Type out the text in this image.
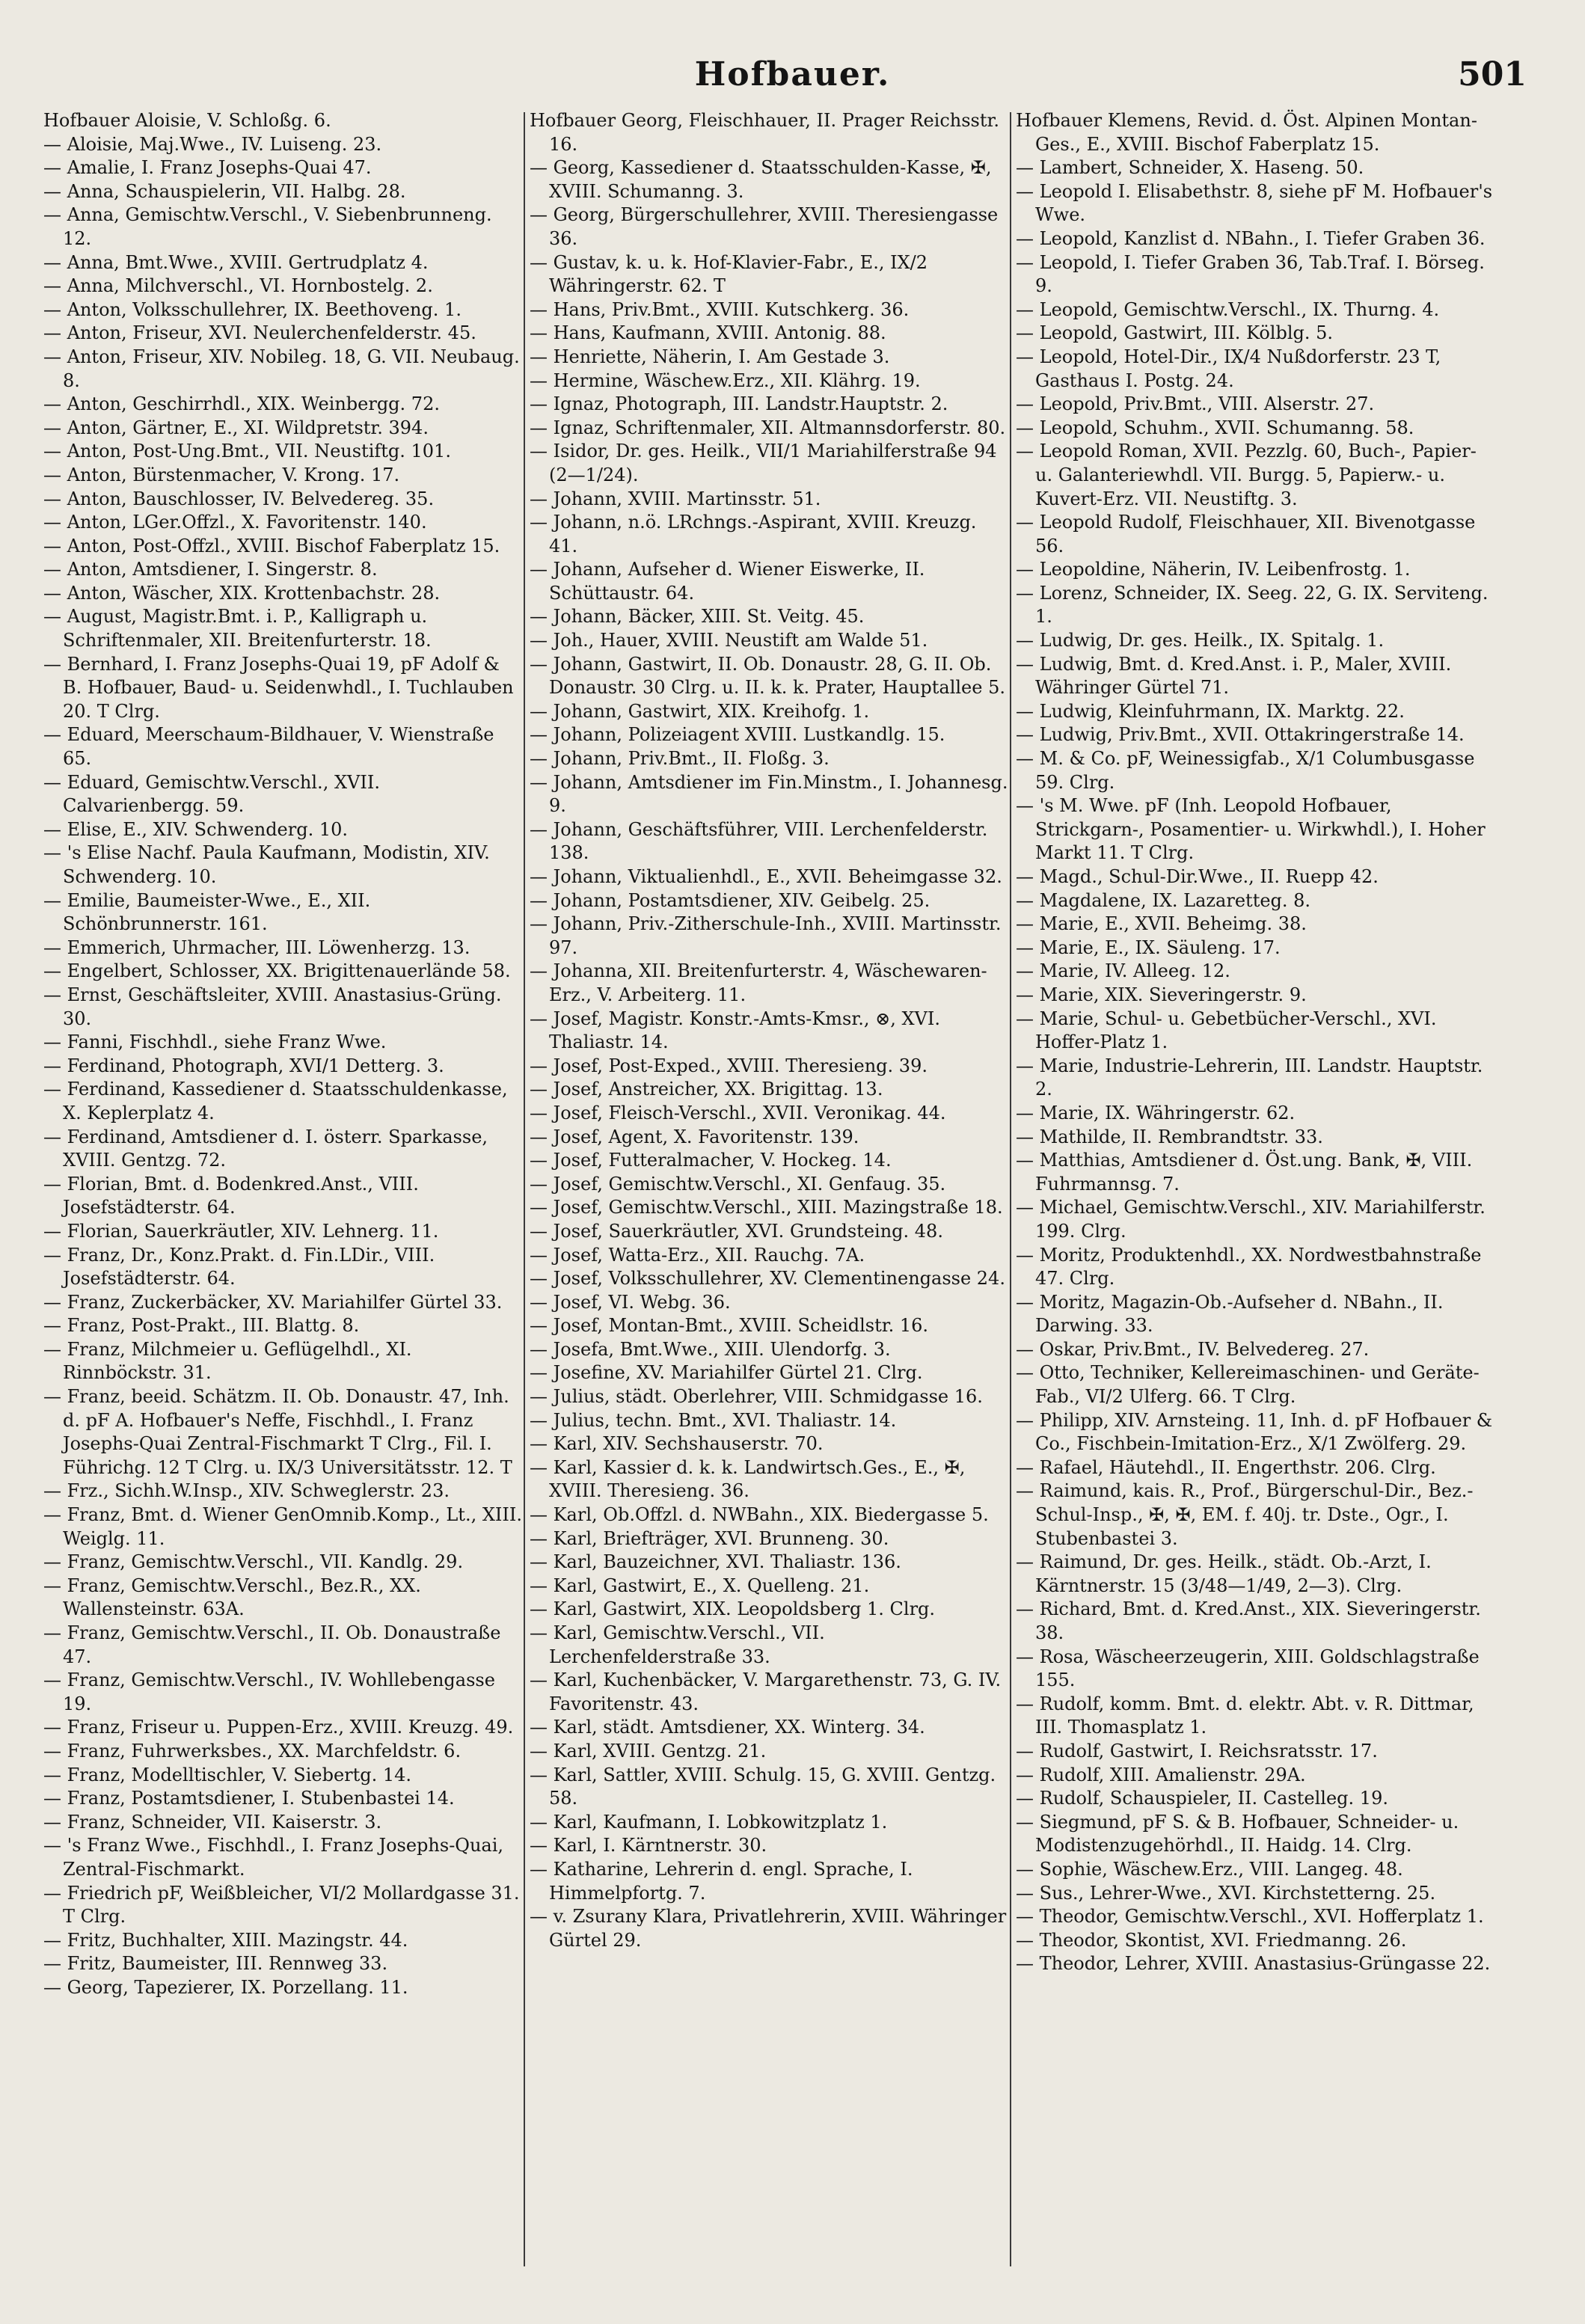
Hofbauer.	501
Hofbauer Aloisie, V. Schloßg. 6.
— Aloisie, Maj.Wwe., IV. Luiseng. 23.
— Amalie, I. Franz Josephs-Quai 47.
— Anna, Schauspielerin, VII. Halbg. 28.
— Anna, Gemischtw.Verschl., V. Siebenbrunneng. 12.
— Anna, Bmt.Wwe., XVIII. Gertrudplatz 4.
— Anna, Milchverschl., VI. Hornbostelg. 2.
— Anton, Volksschullehrer, IX. Beethoveng. 1.
— Anton, Friseur, XVI. Neulerchenfelderstr. 45.
— Anton, Friseur, XIV. Nobileg. 18, G. VII. Neubaug. 8.
— Anton, Geschirrhdl., XIX. Weinbergg. 72.
— Anton, Gärtner, E., XI. Wildpretstr. 394.
— Anton, Post-Ung.Bmt., VII. Neustiftg. 101.
— Anton, Bürstenmacher, V. Krong. 17.
— Anton, Bauschlosser, IV. Belvedereg. 35.
— Anton, LGer.Offzl., X. Favoritenstr. 140.
— Anton, Post-Offzl., XVIII. Bischof Faberplatz 15.
— Anton, Amtsdiener, I. Singerstr. 8.
— Anton, Wäscher, XIX. Krottenbachstr. 28.
— August, Magistr.Bmt. i. P., Kalligraph u. Schriftenmaler, XII. Breitenfurterstr. 18.
— Bernhard, I. Franz Josephs-Quai 19, pF Adolf & B. Hofbauer, Baud- u. Seidenwhdl., I. Tuchlauben 20. T Clrg.
— Eduard, Meerschaum-Bildhauer, V. Wienstraße 65.
— Eduard, Gemischtw.Verschl., XVII. Calvarienbergg. 59.
— Elise, E., XIV. Schwenderg. 10.
— 's Elise Nachf. Paula Kaufmann, Modistin, XIV. Schwenderg. 10.
— Emilie, Baumeister-Wwe., E., XII. Schönbrunnerstr. 161.
— Emmerich, Uhrmacher, III. Löwenherzg. 13.
— Engelbert, Schlosser, XX. Brigittenauerlände 58.
— Ernst, Geschäftsleiter, XVIII. Anastasius-Grüng. 30.
— Fanni, Fischhdl., siehe Franz Wwe.
— Ferdinand, Photograph, XVI/1 Detterg. 3.
— Ferdinand, Kassediener d. Staatsschuldenkasse, X. Keplerplatz 4.
— Ferdinand, Amtsdiener d. I. österr. Sparkasse, XVIII. Gentzg. 72.
— Florian, Bmt. d. Bodenkred.Anst., VIII. Josefstädterstr. 64.
— Florian, Sauerkräutler, XIV. Lehnerg. 11.
— Franz, Dr., Konz.Prakt. d. Fin.LDir., VIII. Josefstädterstr. 64.
— Franz, Zuckerbäcker, XV. Mariahilfer Gürtel 33.
— Franz, Post-Prakt., III. Blattg. 8.
— Franz, Milchmeier u. Geflügelhdl., XI. Rinnböckstr. 31.
— Franz, beeid. Schätzm. II. Ob. Donaustr. 47, Inh. d. pF A. Hofbauer's Neffe, Fischhdl., I. Franz Josephs-Quai Zentral-Fischmarkt T Clrg., Fil. I. Führichg. 12 T Clrg. u. IX/3 Universitätsstr. 12. T
— Frz., Sichh.W.Insp., XIV. Schweglerstr. 23.
— Franz, Bmt. d. Wiener GenOmnib.Komp., Lt., XIII. Weiglg. 11.
— Franz, Gemischtw.Verschl., VII. Kandlg. 29.
— Franz, Gemischtw.Verschl., Bez.R., XX. Wallensteinstr. 63A.
— Franz, Gemischtw.Verschl., II. Ob. Donaustraße 47.
— Franz, Gemischtw.Verschl., IV. Wohllebengasse 19.
— Franz, Friseur u. Puppen-Erz., XVIII. Kreuzg. 49.
— Franz, Fuhrwerksbes., XX. Marchfeldstr. 6.
— Franz, Modelltischler, V. Siebertg. 14.
— Franz, Postamtsdiener, I. Stubenbastei 14.
— Franz, Schneider, VII. Kaiserstr. 3.
— 's Franz Wwe., Fischhdl., I. Franz Josephs-Quai, Zentral-Fischmarkt.
— Friedrich pF, Weißbleicher, VI/2 Mollardgasse 31. T Clrg.
— Fritz, Buchhalter, XIII. Mazingstr. 44.
— Fritz, Baumeister, III. Rennweg 33.
— Georg, Tapezierer, IX. Porzellang. 11.
Hofbauer Georg, Fleischhauer, II. Prager Reichsstr. 16.
— Georg, Kassediener d. Staatsschulden-Kasse, ✠, XVIII. Schumanng. 3.
— Georg, Bürgerschullehrer, XVIII. Theresiengasse 36.
— Gustav, k. u. k. Hof-Klavier-Fabr., E., IX/2 Währingerstr. 62. T
— Hans, Priv.Bmt., XVIII. Kutschkerg. 36.
— Hans, Kaufmann, XVIII. Antonig. 88.
— Henriette, Näherin, I. Am Gestade 3.
— Hermine, Wäschew.Erz., XII. Klährg. 19.
— Ignaz, Photograph, III. Landstr.Hauptstr. 2.
— Ignaz, Schriftenmaler, XII. Altmannsdorferstr. 80.
— Isidor, Dr. ges. Heilk., VII/1 Mariahilferstraße 94 (2—1/24).
— Johann, XVIII. Martinsstr. 51.
— Johann, n.ö. LRchngs.-Aspirant, XVIII. Kreuzg. 41.
— Johann, Aufseher d. Wiener Eiswerke, II. Schüttaustr. 64.
— Johann, Bäcker, XIII. St. Veitg. 45.
— Joh., Hauer, XVIII. Neustift am Walde 51.
— Johann, Gastwirt, II. Ob. Donaustr. 28, G. II. Ob. Donaustr. 30 Clrg. u. II. k. k. Prater, Hauptallee 5.
— Johann, Gastwirt, XIX. Kreihofg. 1.
— Johann, Polizeiagent XVIII. Lustkandlg. 15.
— Johann, Priv.Bmt., II. Floßg. 3.
— Johann, Amtsdiener im Fin.Minstm., I. Johannesg. 9.
— Johann, Geschäftsführer, VIII. Lerchenfelderstr. 138.
— Johann, Viktualienhdl., E., XVII. Beheimgasse 32.
— Johann, Postamtsdiener, XIV. Geibelg. 25.
— Johann, Priv.-Zitherschule-Inh., XVIII. Martinsstr. 97.
— Johanna, XII. Breitenfurterstr. 4, Wäschewaren-Erz., V. Arbeiterg. 11.
— Josef, Magistr. Konstr.-Amts-Kmsr., ⊗, XVI. Thaliastr. 14.
— Josef, Post-Exped., XVIII. Theresieng. 39.
— Josef, Anstreicher, XX. Brigittag. 13.
— Josef, Fleisch-Verschl., XVII. Veronikag. 44.
— Josef, Agent, X. Favoritenstr. 139.
— Josef, Futteralmacher, V. Hockeg. 14.
— Josef, Gemischtw.Verschl., XI. Genfaug. 35.
— Josef, Gemischtw.Verschl., XIII. Mazingstraße 18.
— Josef, Sauerkräutler, XVI. Grundsteing. 48.
— Josef, Watta-Erz., XII. Rauchg. 7A.
— Josef, Volksschullehrer, XV. Clementinengasse 24.
— Josef, VI. Webg. 36.
— Josef, Montan-Bmt., XVIII. Scheidlstr. 16.
— Josefa, Bmt.Wwe., XIII. Ulendorfg. 3.
— Josefine, XV. Mariahilfer Gürtel 21. Clrg.
— Julius, städt. Oberlehrer, VIII. Schmidgasse 16.
— Julius, techn. Bmt., XVI. Thaliastr. 14.
— Karl, XIV. Sechshauserstr. 70.
— Karl, Kassier d. k. k. Landwirtsch.Ges., E., ✠, XVIII. Theresieng. 36.
— Karl, Ob.Offzl. d. NWBahn., XIX. Biedergasse 5.
— Karl, Briefträger, XVI. Brunneng. 30.
— Karl, Bauzeichner, XVI. Thaliastr. 136.
— Karl, Gastwirt, E., X. Quelleng. 21.
— Karl, Gastwirt, XIX. Leopoldsberg 1. Clrg.
— Karl, Gemischtw.Verschl., VII. Lerchenfelderstraße 33.
— Karl, Kuchenbäcker, V. Margarethenstr. 73, G. IV. Favoritenstr. 43.
— Karl, städt. Amtsdiener, XX. Winterg. 34.
— Karl, XVIII. Gentzg. 21.
— Karl, Sattler, XVIII. Schulg. 15, G. XVIII. Gentzg. 58.
— Karl, Kaufmann, I. Lobkowitzplatz 1.
— Karl, I. Kärntnerstr. 30.
— Katharine, Lehrerin d. engl. Sprache, I. Himmelpfortg. 7.
— v. Zsurany Klara, Privatlehrerin, XVIII. Währinger Gürtel 29.
Hofbauer Klemens, Revid. d. Öst. Alpinen Montan-Ges., E., XVIII. Bischof Faberplatz 15.
— Lambert, Schneider, X. Haseng. 50.
— Leopold I. Elisabethstr. 8, siehe pF M. Hofbauer's Wwe.
— Leopold, Kanzlist d. NBahn., I. Tiefer Graben 36.
— Leopold, I. Tiefer Graben 36, Tab.Traf. I. Börseg. 9.
— Leopold, Gemischtw.Verschl., IX. Thurng. 4.
— Leopold, Gastwirt, III. Kölblg. 5.
— Leopold, Hotel-Dir., IX/4 Nußdorferstr. 23 T, Gasthaus I. Postg. 24.
— Leopold, Priv.Bmt., VIII. Alserstr. 27.
— Leopold, Schuhm., XVII. Schumanng. 58.
— Leopold Roman, XVII. Pezzlg. 60, Buch-, Papier- u. Galanteriewhdl. VII. Burgg. 5, Papierw.- u. Kuvert-Erz. VII. Neustiftg. 3.
— Leopold Rudolf, Fleischhauer, XII. Bivenotgasse 56.
— Leopoldine, Näherin, IV. Leibenfrostg. 1.
— Lorenz, Schneider, IX. Seeg. 22, G. IX. Serviteng. 1.
— Ludwig, Dr. ges. Heilk., IX. Spitalg. 1.
— Ludwig, Bmt. d. Kred.Anst. i. P., Maler, XVIII. Währinger Gürtel 71.
— Ludwig, Kleinfuhrmann, IX. Marktg. 22.
— Ludwig, Priv.Bmt., XVII. Ottakringerstraße 14.
— M. & Co. pF, Weinessigfab., X/1 Columbusgasse 59. Clrg.
— 's M. Wwe. pF (Inh. Leopold Hofbauer, Strickgarn-, Posamentier- u. Wirkwhdl.), I. Hoher Markt 11. T Clrg.
— Magd., Schul-Dir.Wwe., II. Ruepp 42.
— Magdalene, IX. Lazaretteg. 8.
— Marie, E., XVII. Beheimg. 38.
— Marie, E., IX. Säuleng. 17.
— Marie, IV. Alleeg. 12.
— Marie, XIX. Sieveringerstr. 9.
— Marie, Schul- u. Gebetbücher-Verschl., XVI. Hoffer-Platz 1.
— Marie, Industrie-Lehrerin, III. Landstr. Hauptstr. 2.
— Marie, IX. Währingerstr. 62.
— Mathilde, II. Rembrandtstr. 33.
— Matthias, Amtsdiener d. Öst.ung. Bank, ✠, VIII. Fuhrmannsg. 7.
— Michael, Gemischtw.Verschl., XIV. Mariahilferstr. 199. Clrg.
— Moritz, Produktenhdl., XX. Nordwestbahnstraße 47. Clrg.
— Moritz, Magazin-Ob.-Aufseher d. NBahn., II. Darwing. 33.
— Oskar, Priv.Bmt., IV. Belvedereg. 27.
— Otto, Techniker, Kellereimaschinen- und Geräte-Fab., VI/2 Ulferg. 66. T Clrg.
— Philipp, XIV. Arnsteing. 11, Inh. d. pF Hofbauer & Co., Fischbein-Imitation-Erz., X/1 Zwölferg. 29.
— Rafael, Häutehdl., II. Engerthstr. 206. Clrg.
— Raimund, kais. R., Prof., Bürgerschul-Dir., Bez.-Schul-Insp., ✠, ✠, EM. f. 40j. tr. Dste., Ogr., I. Stubenbastei 3.
— Raimund, Dr. ges. Heilk., städt. Ob.-Arzt, I. Kärntnerstr. 15 (3/48—1/49, 2—3). Clrg.
— Richard, Bmt. d. Kred.Anst., XIX. Sieveringerstr. 38.
— Rosa, Wäscheerzeugerin, XIII. Goldschlagstraße 155.
— Rudolf, komm. Bmt. d. elektr. Abt. v. R. Dittmar, III. Thomasplatz 1.
— Rudolf, Gastwirt, I. Reichsratsstr. 17.
— Rudolf, XIII. Amalienstr. 29A.
— Rudolf, Schauspieler, II. Castelleg. 19.
— Siegmund, pF S. & B. Hofbauer, Schneider- u. Modistenzugehörhdl., II. Haidg. 14. Clrg.
— Sophie, Wäschew.Erz., VIII. Langeg. 48.
— Sus., Lehrer-Wwe., XVI. Kirchstetterng. 25.
— Theodor, Gemischtw.Verschl., XVI. Hofferplatz 1.
— Theodor, Skontist, XVI. Friedmanng. 26.
— Theodor, Lehrer, XVIII. Anastasius-Grüngasse 22.
